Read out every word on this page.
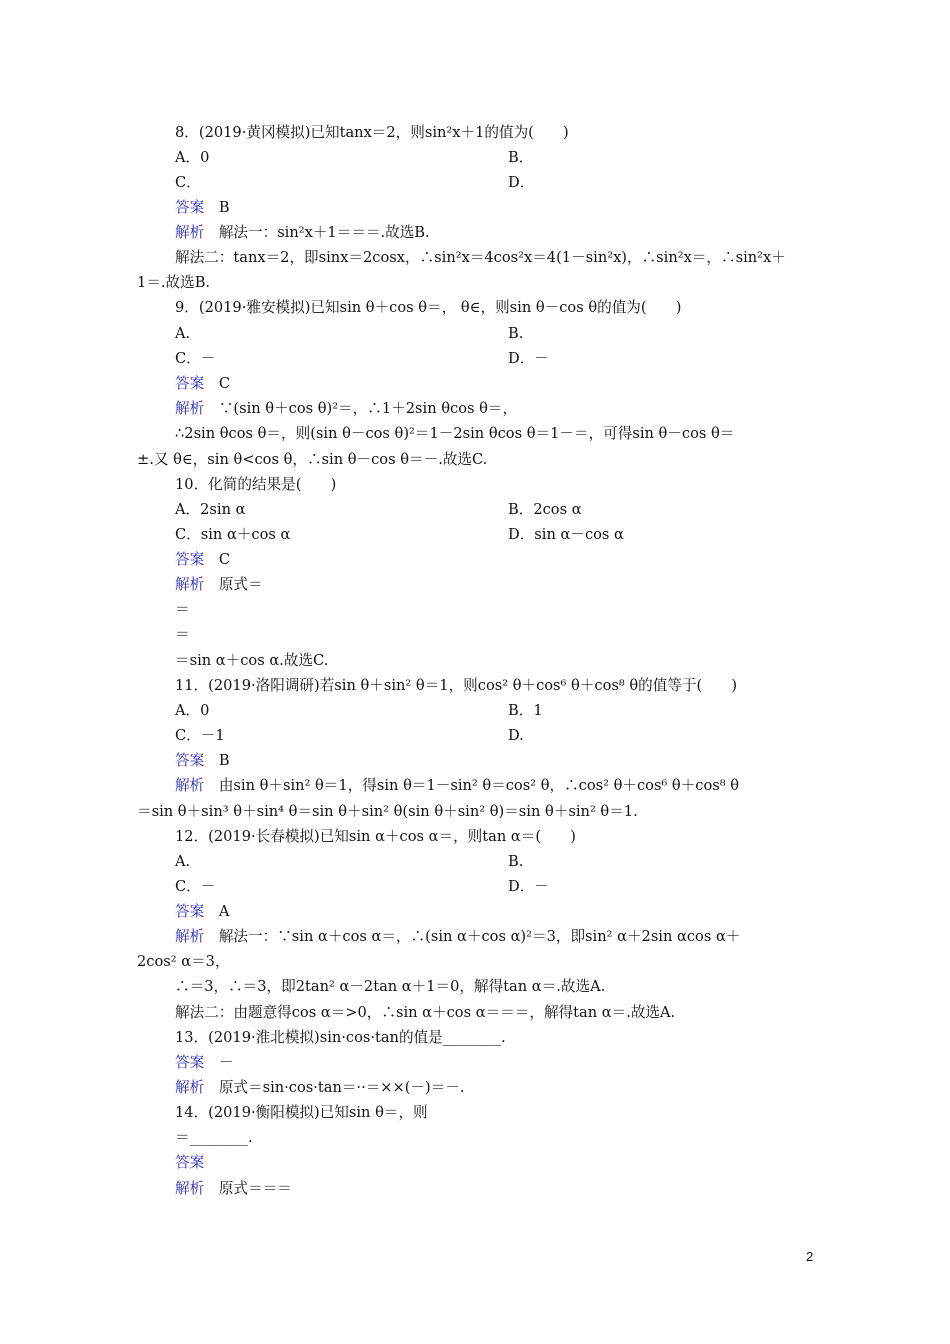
8．(2019·黄冈模拟)已知tanx＝2，则sin²x＋1的值为(　　)
A．0	B．
C．	D．
答案　 B
解析　 解法一：sin²x＋1＝＝＝.故选B.
解法二：tanx＝2，即sinx＝2cosx，∴sin²x＝4cos²x＝4(1－sin²x)，∴sin²x＝，∴sin²x＋
1＝.故选B.
9．(2019·雅安模拟)已知sin θ＋cos θ＝， θ∈，则sin θ－cos θ的值为(　　)
A.	B.
C．－	D．－
答案　 C
解析　 ∵(sin θ＋cos θ)²＝，∴1＋2sin θcos θ＝，
∴2sin θcos θ＝，则(sin θ－cos θ)²＝1－2sin θcos θ＝1－＝，可得sin θ－cos θ＝
±.又 θ∈，sin θ<cos θ，∴sin θ－cos θ＝－.故选C.
10．化简的结果是(　　)
A．2sin α	B．2cos α
C．sin α＋cos α	D．sin α－cos α
答案　 C
解析　 原式＝
＝
＝
＝sin α＋cos α.故选C.
11．(2019·洛阳调研)若sin θ＋sin² θ＝1，则cos² θ＋cos⁶ θ＋cos⁸ θ的值等于(　　)
A．0	B．1
C．－1	D.
答案　 B
解析　 由sin θ＋sin² θ＝1，得sin θ＝1－sin² θ＝cos² θ，∴cos² θ＋cos⁶ θ＋cos⁸ θ
＝sin θ＋sin³ θ＋sin⁴ θ＝sin θ＋sin² θ(sin θ＋sin² θ)＝sin θ＋sin² θ＝1.
12．(2019·长春模拟)已知sin α＋cos α＝，则tan α＝(　　)
A.	B.
C．－	D．－
答案　 A
解析　 解法一：∵sin α＋cos α＝，∴(sin α＋cos α)²＝3，即sin² α＋2sin αcos α＋
2cos² α＝3，
∴＝3，∴＝3，即2tan² α－2tan α＋1＝0，解得tan α＝.故选A.
解法二：由题意得cos α＝>0，∴sin α＋cos α＝＝＝，解得tan α＝.故选A.
13．(2019·淮北模拟)sin·cos·tan的值是________.
答案　 －
解析　 原式＝sin·cos·tan＝··＝××(－)＝－.
14．(2019·衡阳模拟)已知sin θ＝，则
＝________.
答案
解析　 原式＝＝＝
2
